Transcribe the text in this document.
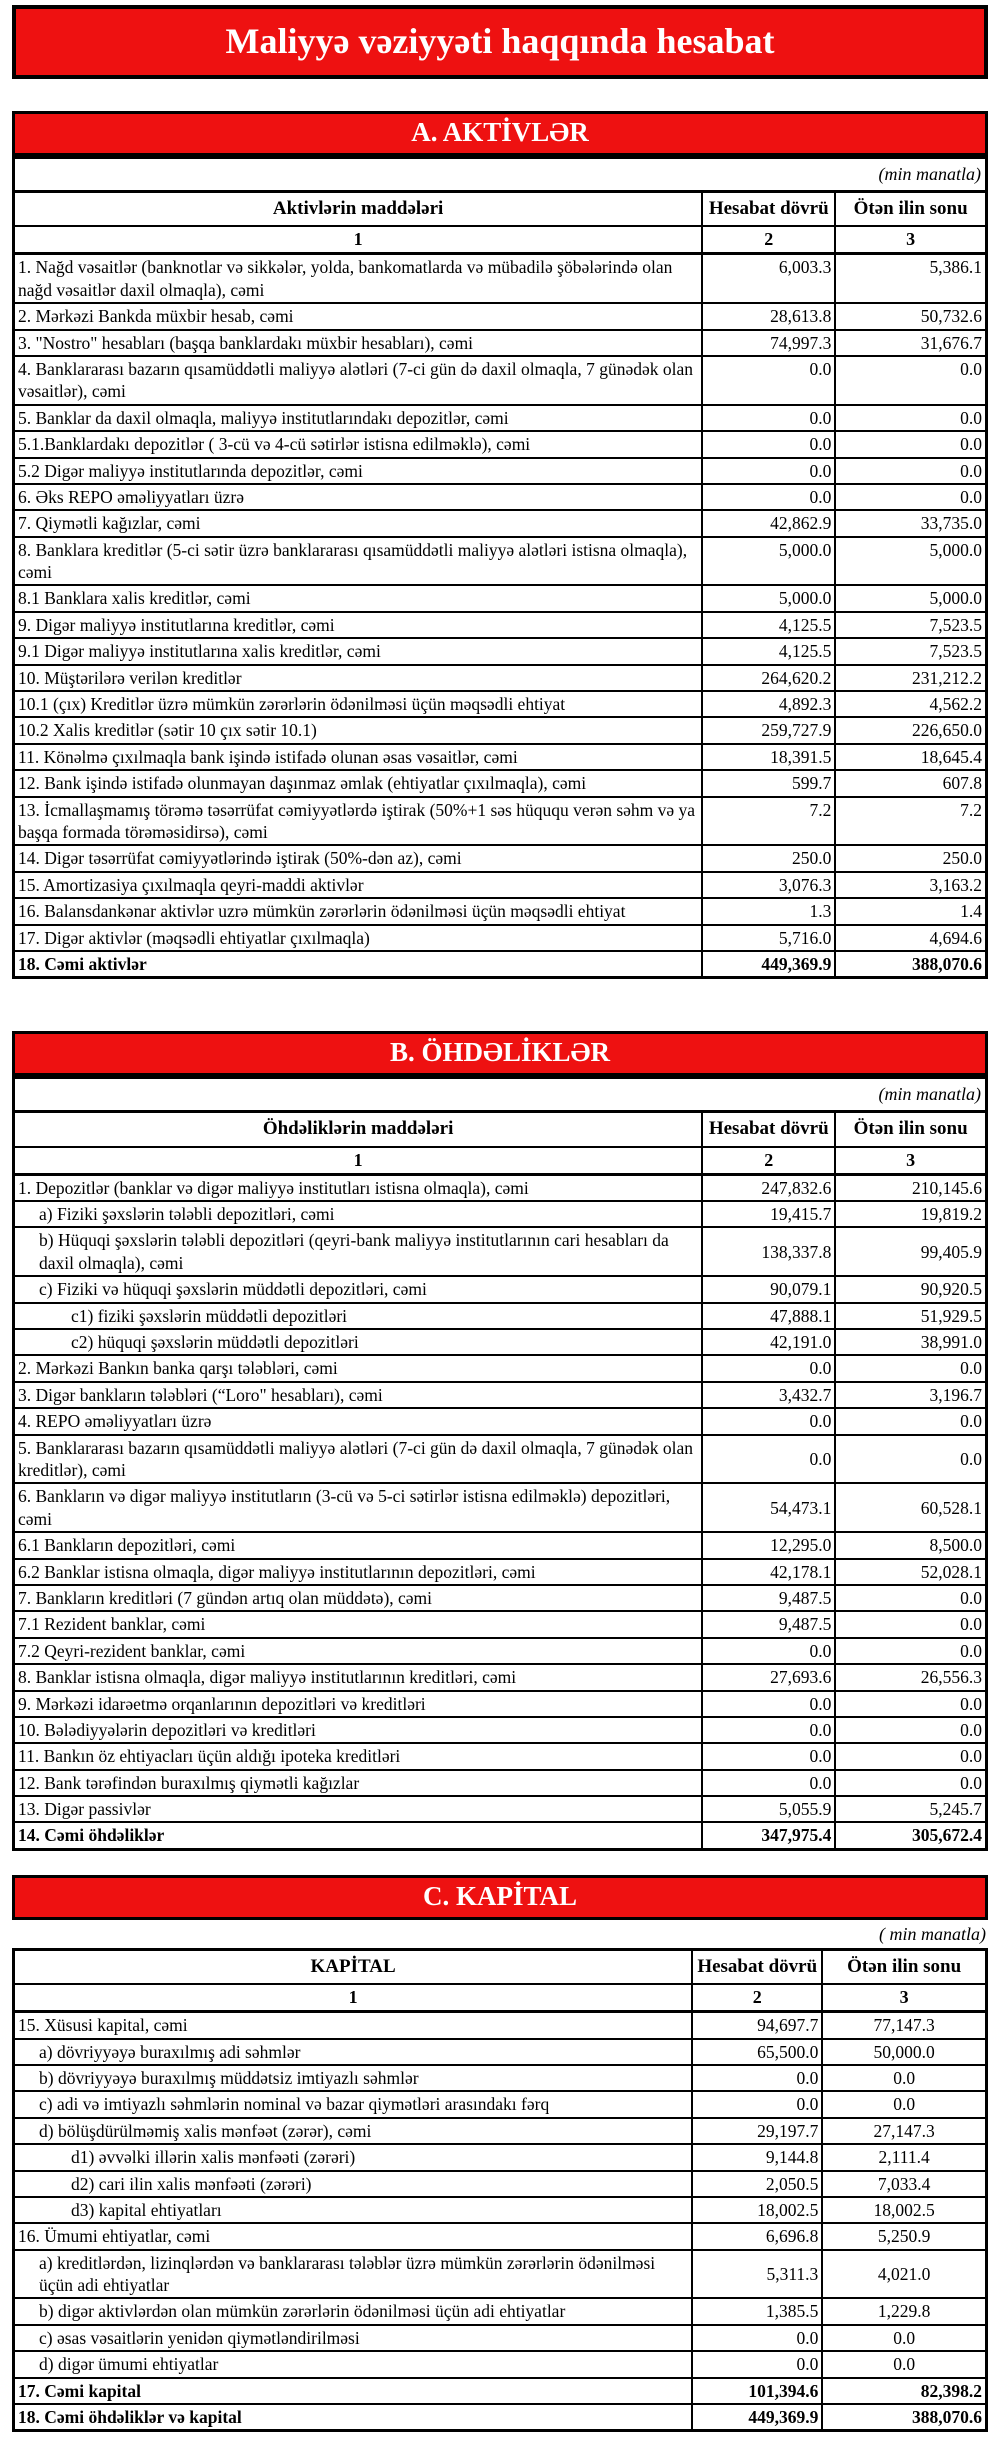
Maliyyə vəziyyəti haqqında hesabat
A. AKTİVLƏR
(min manatla)		
Aktivlərin maddələri	Hesabat dövrü	Ötən ilin sonu
1	2	3
1. Nağd vəsaitlər (banknotlar və sikkələr, yolda, bankomatlarda və mübadilə şöbələrində olan nağd vəsaitlər daxil olmaqla), cəmi	6,003.3	5,386.1
2. Mərkəzi Bankda müxbir hesab, cəmi	28,613.8	50,732.6
3. "Nostro" hesabları (başqa banklardakı müxbir hesabları), cəmi	74,997.3	31,676.7
4. Banklararası bazarın qısamüddətli maliyyə alətləri (7-ci gün də daxil olmaqla, 7 günədək olan vəsaitlər), cəmi	0.0	0.0
5. Banklar da daxil olmaqla, maliyyə institutlarındakı depozitlər, cəmi	0.0	0.0
5.1.Banklardakı depozitlər ( 3-cü və 4-cü sətirlər istisna edilməklə), cəmi	0.0	0.0
5.2 Digər maliyyə institutlarında depozitlər, cəmi	0.0	0.0
6. Əks REPO əməliyyatları üzrə	0.0	0.0
7. Qiymətli kağızlar, cəmi	42,862.9	33,735.0
8. Banklara kreditlər (5-ci sətir üzrə banklararası qısamüddətli maliyyə alətləri istisna olmaqla), cəmi	5,000.0	5,000.0
8.1 Banklara xalis kreditlər, cəmi	5,000.0	5,000.0
9. Digər maliyyə institutlarına kreditlər, cəmi	4,125.5	7,523.5
9.1 Digər maliyyə institutlarına xalis kreditlər, cəmi	4,125.5	7,523.5
10. Müştərilərə verilən kreditlər	264,620.2	231,212.2
10.1 (çıx) Kreditlər üzrə mümkün zərərlərin ödənilməsi üçün məqsədli ehtiyat	4,892.3	4,562.2
10.2 Xalis kreditlər (sətir 10 çıx sətir 10.1)	259,727.9	226,650.0
11. Könəlmə çıxılmaqla bank işində istifadə olunan əsas vəsaitlər, cəmi	18,391.5	18,645.4
12. Bank işində istifadə olunmayan daşınmaz əmlak (ehtiyatlar çıxılmaqla), cəmi	599.7	607.8
13. İcmallaşmamış törəmə təsərrüfat cəmiyyətlərdə iştirak (50%+1 səs hüququ verən səhm və ya başqa formada törəməsidirsə), cəmi	7.2	7.2
14. Digər təsərrüfat cəmiyyətlərində iştirak (50%-dən az), cəmi	250.0	250.0
15. Amortizasiya çıxılmaqla qeyri-maddi aktivlər	3,076.3	3,163.2
16. Balansdankənar aktivlər uzrə mümkün zərərlərin ödənilməsi üçün məqsədli ehtiyat	1.3	1.4
17. Digər aktivlər (məqsədli ehtiyatlar çıxılmaqla)	5,716.0	4,694.6
18. Cəmi aktivlər	449,369.9	388,070.6
B. ÖHDƏLİKLƏR
(min manatla)		
Öhdəliklərin maddələri	Hesabat dövrü	Ötən ilin sonu
1	2	3
1. Depozitlər (banklar və digər maliyyə institutları istisna olmaqla), cəmi	247,832.6	210,145.6
a) Fiziki şəxslərin tələbli depozitləri, cəmi	19,415.7	19,819.2
b) Hüquqi şəxslərin tələbli depozitləri (qeyri-bank maliyyə institutlarının cari hesabları da daxil olmaqla), cəmi	138,337.8	99,405.9
c) Fiziki və hüquqi şəxslərin müddətli depozitləri, cəmi	90,079.1	90,920.5
c1) fiziki şəxslərin müddətli depozitləri	47,888.1	51,929.5
c2) hüquqi şəxslərin müddətli depozitləri	42,191.0	38,991.0
2. Mərkəzi Bankın banka qarşı tələbləri, cəmi	0.0	0.0
3. Digər bankların tələbləri (“Loro" hesabları), cəmi	3,432.7	3,196.7
4. REPO əməliyyatları üzrə	0.0	0.0
5. Banklararası bazarın qısamüddətli maliyyə alətləri (7-ci gün də daxil olmaqla, 7 günədək olan kreditlər), cəmi	0.0	0.0
6. Bankların və digər maliyyə institutların (3-cü və 5-ci sətirlər istisna edilməklə) depozitləri, cəmi	54,473.1	60,528.1
6.1 Bankların depozitləri, cəmi	12,295.0	8,500.0
6.2 Banklar istisna olmaqla, digər maliyyə institutlarının depozitləri, cəmi	42,178.1	52,028.1
7. Bankların kreditləri (7 gündən artıq olan müddətə), cəmi	9,487.5	0.0
7.1 Rezident banklar, cəmi	9,487.5	0.0
7.2 Qeyri-rezident banklar, cəmi	0.0	0.0
8. Banklar istisna olmaqla, digər maliyyə institutlarının kreditləri, cəmi	27,693.6	26,556.3
9. Mərkəzi idarəetmə orqanlarının depozitləri və kreditləri	0.0	0.0
10. Bələdiyyələrin depozitləri və kreditləri	0.0	0.0
11. Bankın öz ehtiyacları üçün aldığı ipoteka kreditləri	0.0	0.0
12. Bank tərəfindən buraxılmış qiymətli kağızlar	0.0	0.0
13. Digər passivlər	5,055.9	5,245.7
14. Cəmi öhdəliklər	347,975.4	305,672.4
C. KAPİTAL
( min manatla)
KAPİTAL	Hesabat dövrü	Ötən ilin sonu
1	2	3
15. Xüsusi kapital, cəmi	94,697.7	77,147.3
a) dövriyyəyə buraxılmış adi səhmlər	65,500.0	50,000.0
b) dövriyyəyə buraxılmış müddətsiz imtiyazlı səhmlər	0.0	0.0
c) adi və imtiyazlı səhmlərin nominal və bazar qiymətləri arasındakı fərq	0.0	0.0
d) bölüşdürülməmiş xalis mənfəət (zərər), cəmi	29,197.7	27,147.3
d1) əvvəlki illərin xalis mənfəəti (zərəri)	9,144.8	2,111.4
d2) cari ilin xalis mənfəəti (zərəri)	2,050.5	7,033.4
d3) kapital ehtiyatları	18,002.5	18,002.5
16. Ümumi ehtiyatlar, cəmi	6,696.8	5,250.9
a) kreditlərdən, lizinqlərdən və banklararası tələblər üzrə mümkün zərərlərin ödənilməsi üçün adi ehtiyatlar	5,311.3	4,021.0
b) digər aktivlərdən olan mümkün zərərlərin ödənilməsi üçün adi ehtiyatlar	1,385.5	1,229.8
c) əsas vəsaitlərin yenidən qiymətləndirilməsi	0.0	0.0
d) digər ümumi ehtiyatlar	0.0	0.0
17. Cəmi kapital	101,394.6	82,398.2
18. Cəmi öhdəliklər və kapital	449,369.9	388,070.6
